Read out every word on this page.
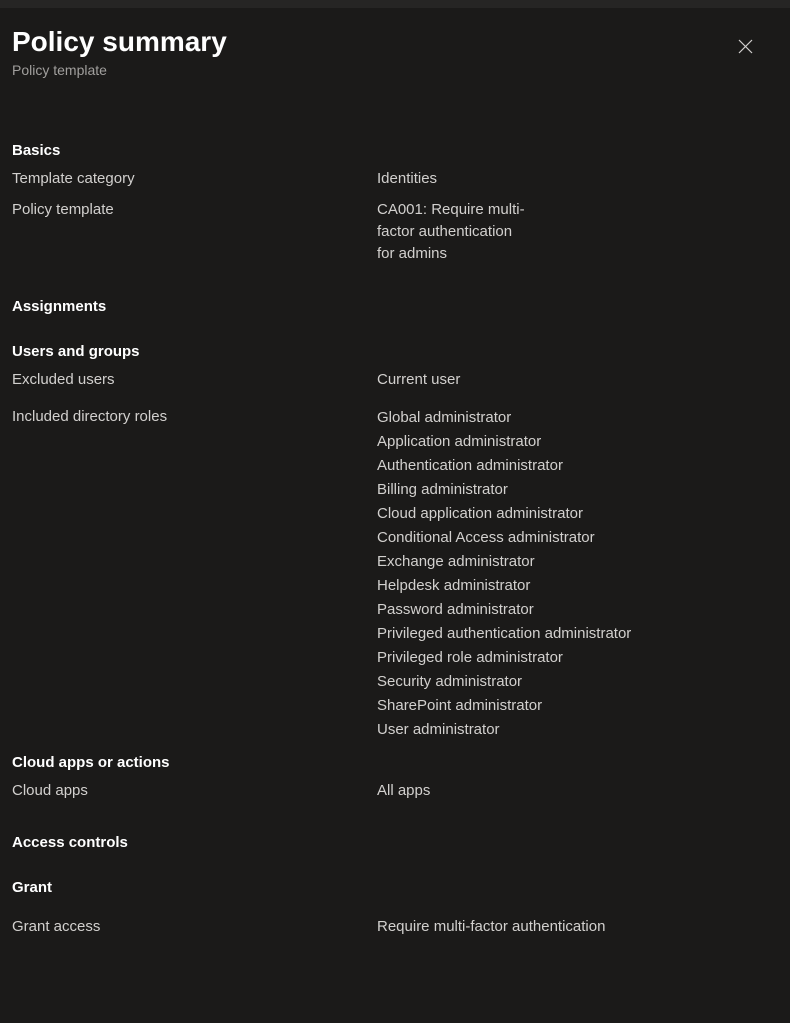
Policy summary
Policy template
Basics
Template category	Identities
Policy template	CA001: Require multi-
factor authentication
for admins
Assignments
Users and groups
Excluded users	Current user
Included directory roles	Global administrator
Application administrator
Authentication administrator
Billing administrator
Cloud application administrator
Conditional Access administrator
Exchange administrator
Helpdesk administrator
Password administrator
Privileged authentication administrator
Privileged role administrator
Security administrator
SharePoint administrator
User administrator
Cloud apps or actions
Cloud apps	All apps
Access controls
Grant
Grant access	Require multi-factor authentication
